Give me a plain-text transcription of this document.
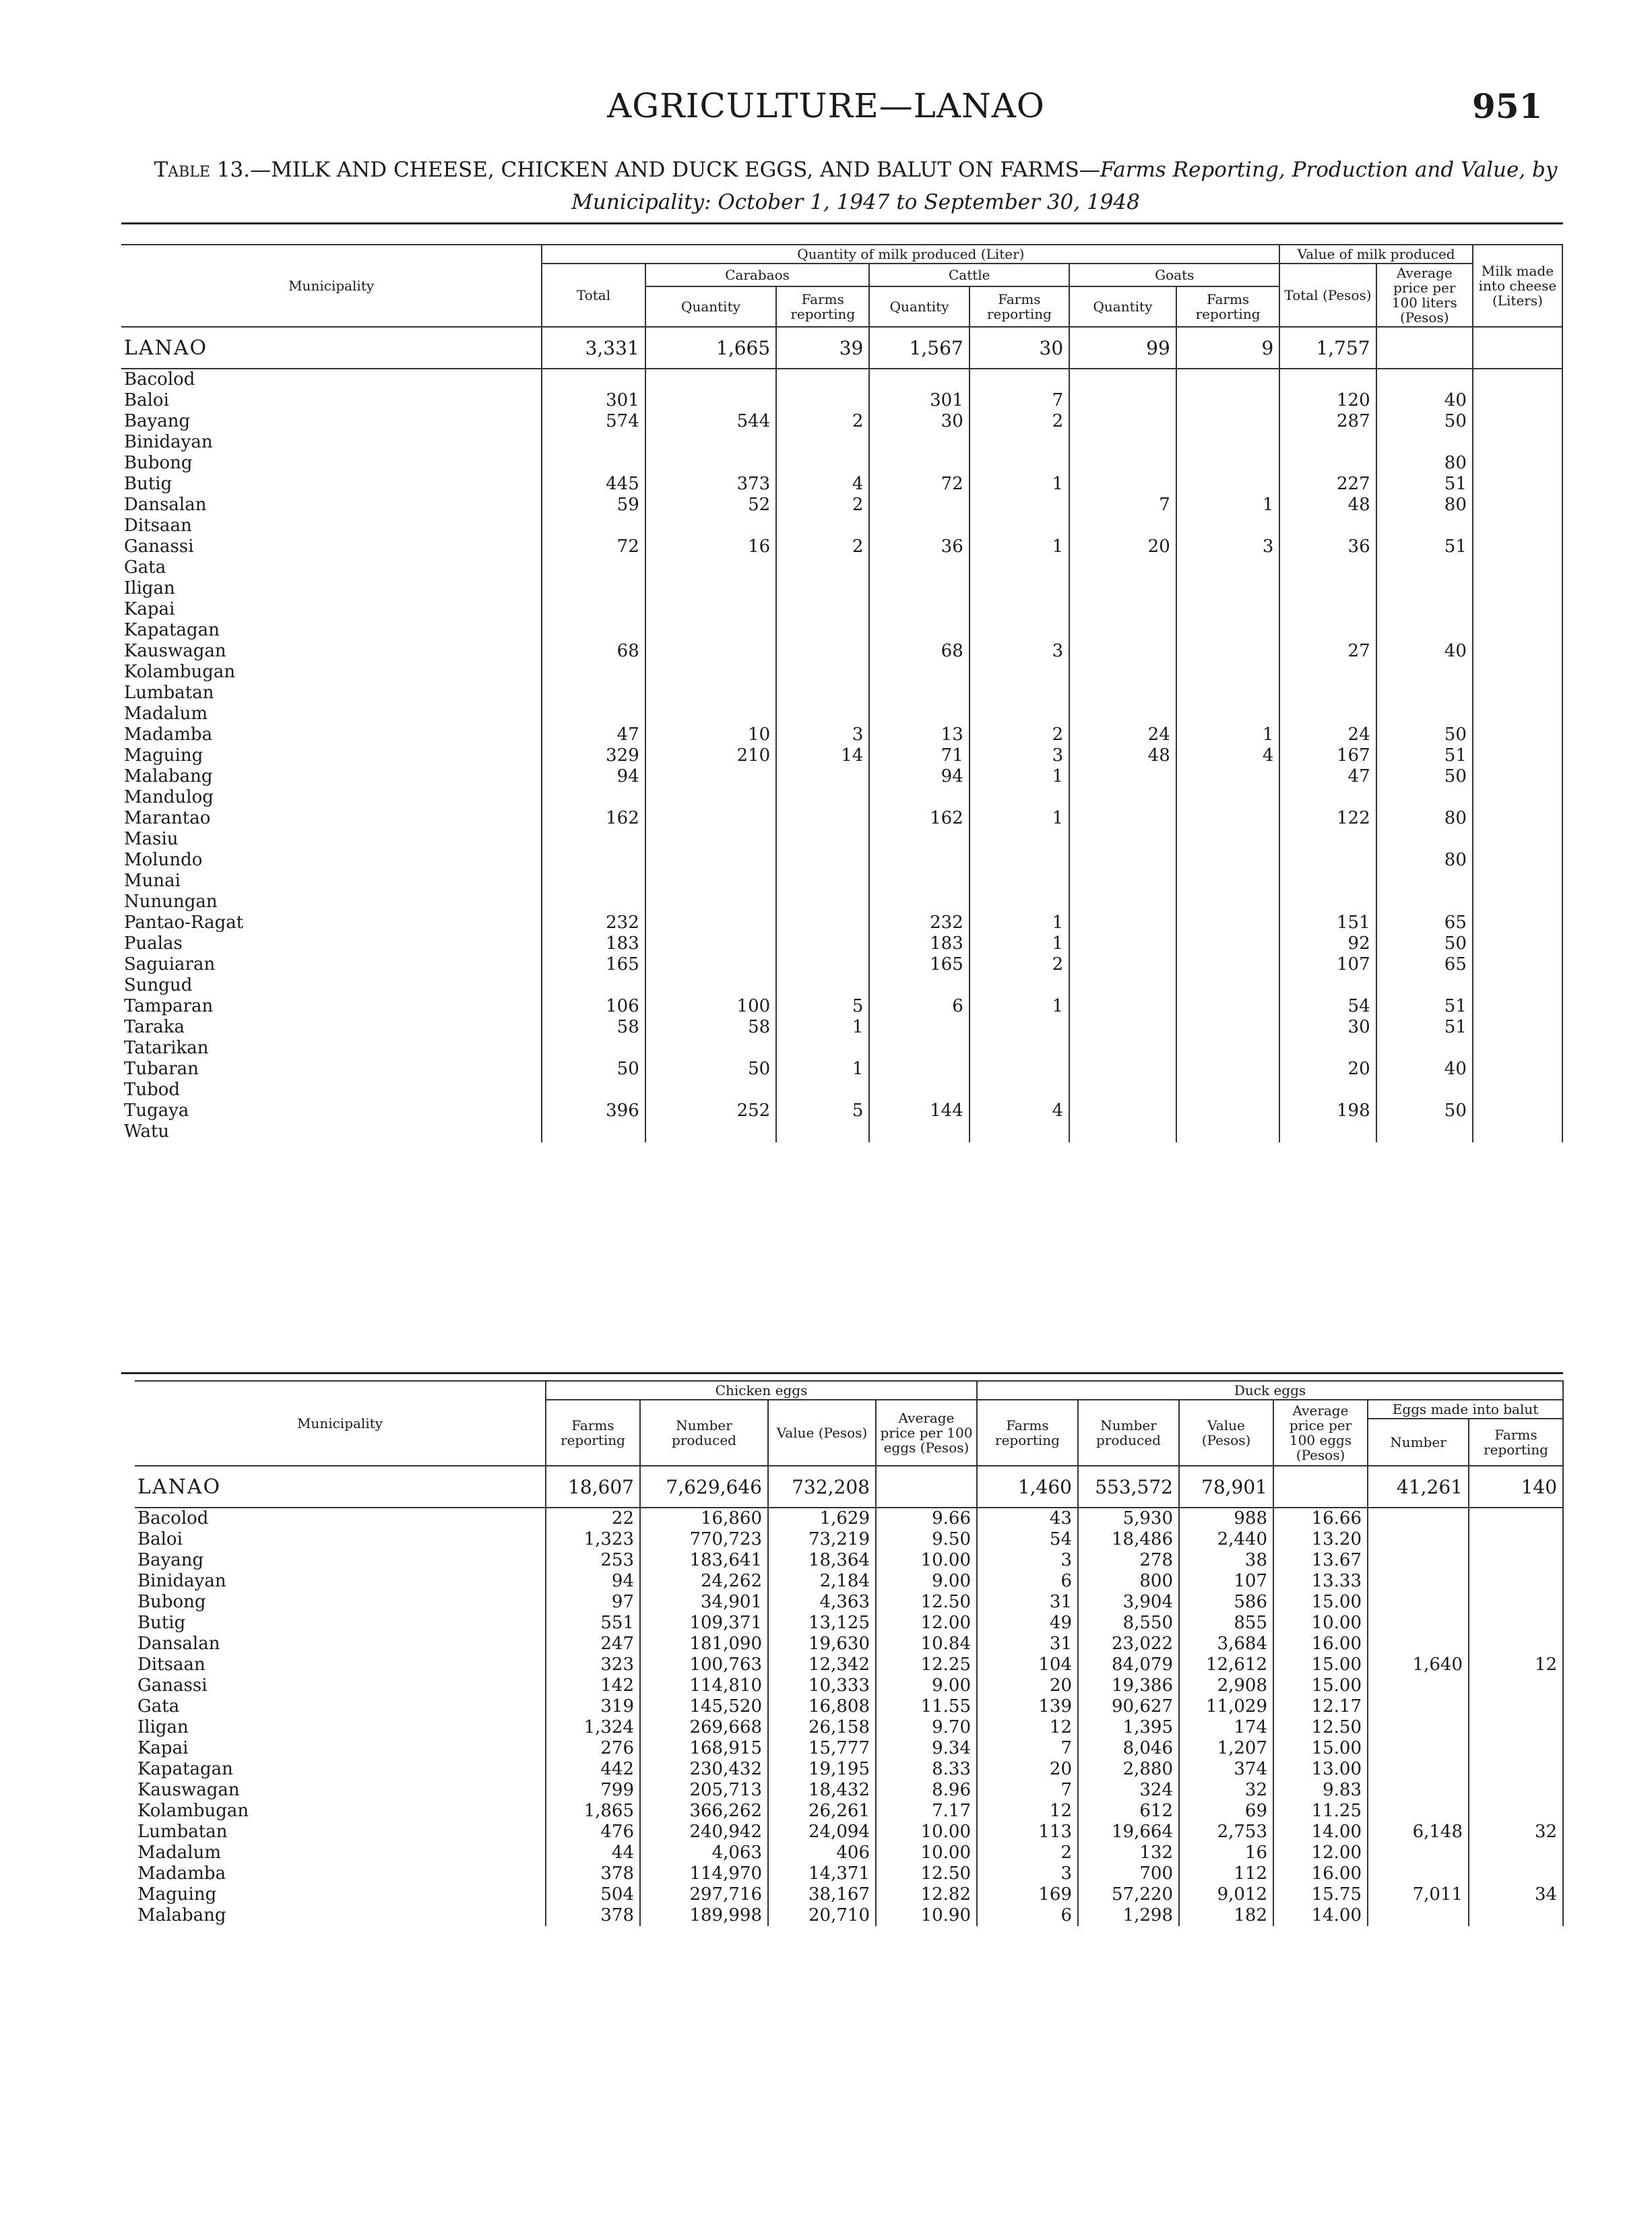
AGRICULTURE—LANAO	951
Table 13.—MILK AND CHEESE, CHICKEN AND DUCK EGGS, AND BALUT ON FARMS—Farms Reporting, Production and Value, by Municipality: October 1, 1947 to September 30, 1948
Municipality	Quantity of milk produced (Liter)							Value of milk produced		Milk made into cheese (Liters)
	Total	Carabaos		Cattle		Goats		Total (Pesos)	Average price per 100 liters (Pesos)	
		Quantity	Farms reporting	Quantity	Farms reporting	Quantity	Farms reporting			
LANAO	3,331	1,665	39	1,567	30	99	9	1,757		
Bacolod										
Baloi	301			301	7			120	40	
Bayang	574	544	2	30	2			287	50	
Binidayan										
Bubong									80	
Butig	445	373	4	72	1			227	51	
Dansalan	59	52	2			7	1	48	80	
Ditsaan										
Ganassi	72	16	2	36	1	20	3	36	51	
Gata										
Iligan										
Kapai										
Kapatagan										
Kauswagan	68			68	3			27	40	
Kolambugan										
Lumbatan										
Madalum										
Madamba	47	10	3	13	2	24	1	24	50	
Maguing	329	210	14	71	3	48	4	167	51	
Malabang	94			94	1			47	50	
Mandulog										
Marantao	162			162	1			122	80	
Masiu										
Molundo									80	
Munai										
Nunungan										
Pantao-Ragat	232			232	1			151	65	
Pualas	183			183	1			92	50	
Saguiaran	165			165	2			107	65	
Sungud										
Tamparan	106	100	5	6	1			54	51	
Taraka	58	58	1					30	51	
Tatarikan										
Tubaran	50	50	1					20	40	
Tubod										
Tugaya	396	252	5	144	4			198	50	
Watu										
Municipality	Chicken eggs				Duck eggs					
	Farms reporting	Number produced	Value (Pesos)	Average price per 100 eggs (Pesos)	Farms reporting	Number produced	Value (Pesos)	Average price per 100 eggs (Pesos)	Eggs made into balut	
									Number	Farms reporting
LANAO	18,607	7,629,646	732,208		1,460	553,572	78,901		41,261	140
Bacolod	22	16,860	1,629	9.66	43	5,930	988	16.66		
Baloi	1,323	770,723	73,219	9.50	54	18,486	2,440	13.20		
Bayang	253	183,641	18,364	10.00	3	278	38	13.67		
Binidayan	94	24,262	2,184	9.00	6	800	107	13.33		
Bubong	97	34,901	4,363	12.50	31	3,904	586	15.00		
Butig	551	109,371	13,125	12.00	49	8,550	855	10.00		
Dansalan	247	181,090	19,630	10.84	31	23,022	3,684	16.00		
Ditsaan	323	100,763	12,342	12.25	104	84,079	12,612	15.00	1,640	12
Ganassi	142	114,810	10,333	9.00	20	19,386	2,908	15.00		
Gata	319	145,520	16,808	11.55	139	90,627	11,029	12.17		
Iligan	1,324	269,668	26,158	9.70	12	1,395	174	12.50		
Kapai	276	168,915	15,777	9.34	7	8,046	1,207	15.00		
Kapatagan	442	230,432	19,195	8.33	20	2,880	374	13.00		
Kauswagan	799	205,713	18,432	8.96	7	324	32	9.83		
Kolambugan	1,865	366,262	26,261	7.17	12	612	69	11.25		
Lumbatan	476	240,942	24,094	10.00	113	19,664	2,753	14.00	6,148	32
Madalum	44	4,063	406	10.00	2	132	16	12.00		
Madamba	378	114,970	14,371	12.50	3	700	112	16.00		
Maguing	504	297,716	38,167	12.82	169	57,220	9,012	15.75	7,011	34
Malabang	378	189,998	20,710	10.90	6	1,298	182	14.00		
